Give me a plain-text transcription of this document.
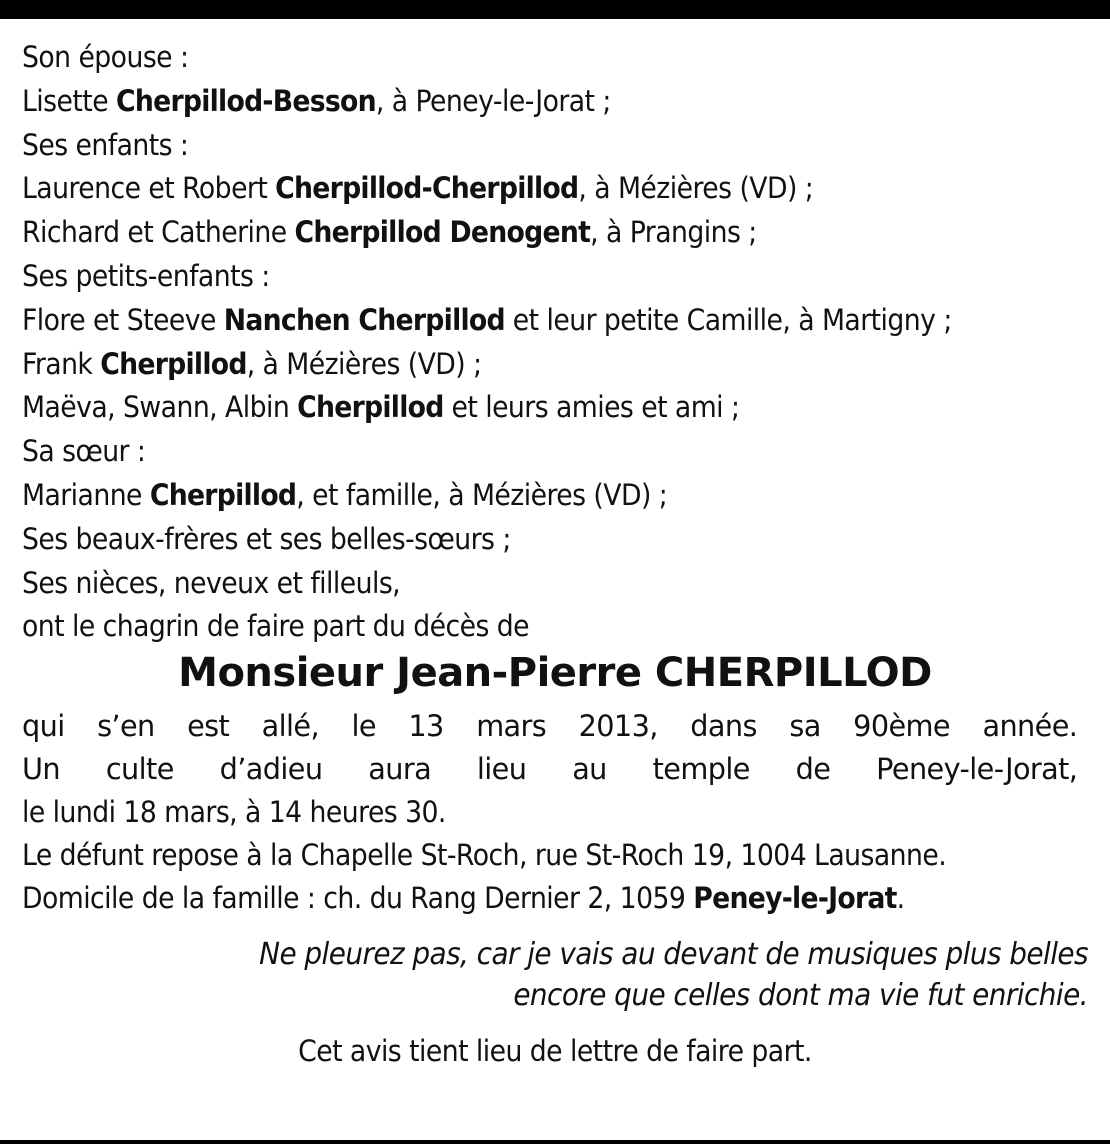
Son épouse :
Lisette Cherpillod-Besson, à Peney-le-Jorat ;
Ses enfants :
Laurence et Robert Cherpillod-Cherpillod, à Mézières (VD) ;
Richard et Catherine Cherpillod Denogent, à Prangins ;
Ses petits-enfants :
Flore et Steeve Nanchen Cherpillod et leur petite Camille, à Martigny ;
Frank Cherpillod, à Mézières (VD) ;
Maëva, Swann, Albin Cherpillod et leurs amies et ami ;
Sa sœur :
Marianne Cherpillod, et famille, à Mézières (VD) ;
Ses beaux-frères et ses belles-sœurs ;
Ses nièces, neveux et filleuls,
ont le chagrin de faire part du décès de
Monsieur Jean-Pierre CHERPILLOD
qui s’en est allé, le 13 mars 2013, dans sa 90ème année.
Un culte d’adieu aura lieu au temple de Peney-le-Jorat,
le lundi 18 mars, à 14 heures 30.
Le défunt repose à la Chapelle St-Roch, rue St-Roch 19, 1004 Lausanne.
Domicile de la famille : ch. du Rang Dernier 2, 1059 Peney-le-Jorat.
Ne pleurez pas, car je vais au devant de musiques plus belles
encore que celles dont ma vie fut enrichie.
Cet avis tient lieu de lettre de faire part.
